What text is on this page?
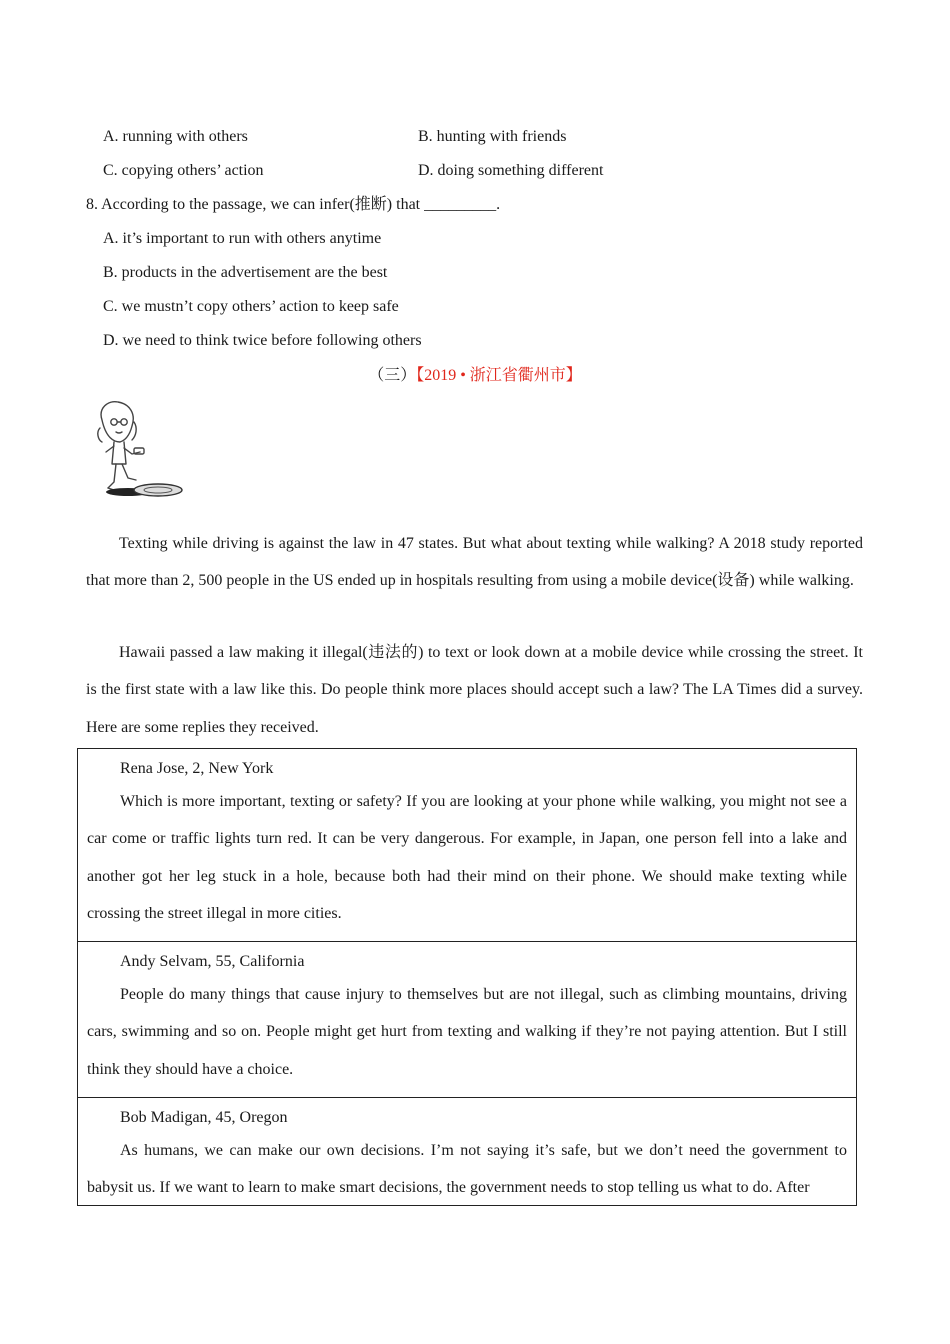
A. running with others	B. hunting with friends
C. copying others’ action	D. doing something different
8. According to the passage, we can infer(推断) that _________.
A. it’s important to run with others anytime
B. products in the advertisement are the best
C. we mustn’t copy others’ action to keep safe
D. we need to think twice before following others
（三）【2019 • 浙江省衢州市】
Texting while driving is against the law in 47 states. But what about texting while walking? A 2018 study reported that more than 2, 500 people in the US ended up in hospitals resulting from using a mobile device(设备) while walking.
Hawaii passed a law making it illegal(违法的) to text or look down at a mobile device while crossing the street. It is the first state with a law like this. Do people think more places should accept such a law? The LA Times did a survey. Here are some replies they received.
Rena Jose, 2, New York
Which is more important, texting or safety? If you are looking at your phone while walking, you might not see a car come or traffic lights turn red. It can be very dangerous. For example, in Japan, one person fell into a lake and another got her leg stuck in a hole, because both had their mind on their phone. We should make texting while crossing the street illegal in more cities.
Andy Selvam, 55, California
People do many things that cause injury to themselves but are not illegal, such as climbing mountains, driving cars, swimming and so on. People might get hurt from texting and walking if they’re not paying attention. But I still think they should have a choice.
Bob Madigan, 45, Oregon
As humans, we can make our own decisions. I’m not saying it’s safe, but we don’t need the government to babysit us. If we want to learn to make smart decisions, the government needs to stop telling us what to do. After
